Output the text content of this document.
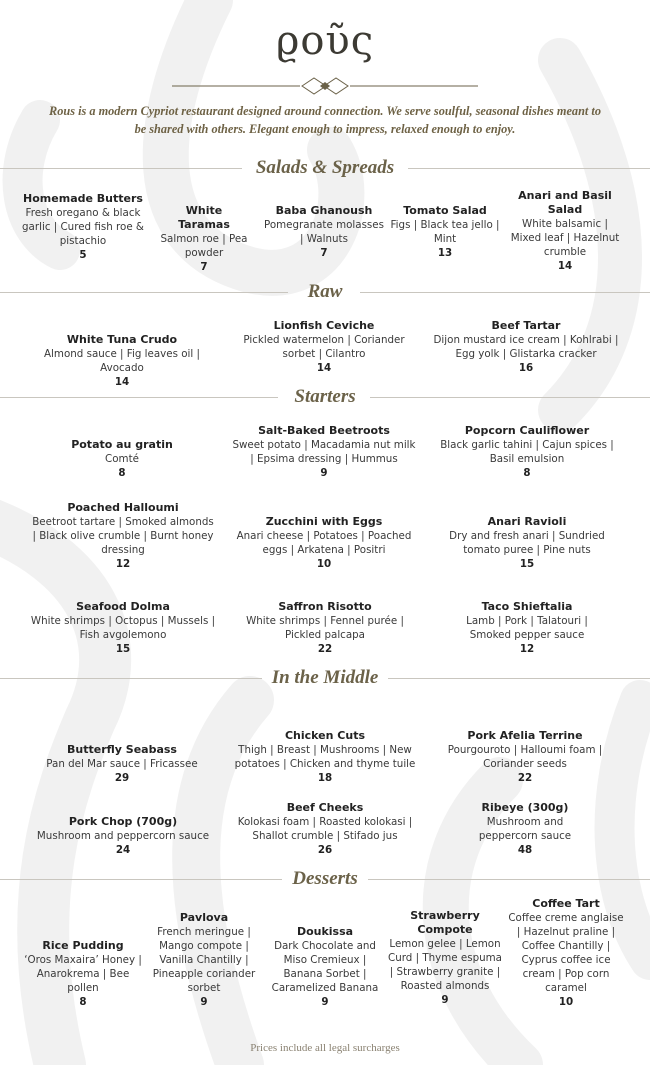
ϱοῦς
Rous is a modern Cypriot restaurant designed around connection. We serve soulful, seasonal dishes meant to be shared with others. Elegant enough to impress, relaxed enough to enjoy.
Salads & Spreads
Homemade Butters
Fresh oregano & black garlic | Cured fish roe & pistachio
5
White Taramas
Salmon roe | Pea powder
7
Baba Ghanoush
Pomegranate molasses | Walnuts
7
Tomato Salad
Figs | Black tea jello | Mint
13
Anari and Basil Salad
White balsamic | Mixed leaf | Hazelnut crumble
14
Raw
White Tuna Crudo
Almond sauce | Fig leaves oil | Avocado
14
Lionfish Ceviche
Pickled watermelon | Coriander sorbet | Cilantro
14
Beef Tartar
Dijon mustard ice cream | Kohlrabi | Egg yolk | Glistarka cracker
16
Starters
Potato au gratin
Comté
8
Salt-Baked Beetroots
Sweet potato | Macadamia nut milk | Epsima dressing | Hummus
9
Popcorn Cauliflower
Black garlic tahini | Cajun spices | Basil emulsion
8
Poached Halloumi
Beetroot tartare | Smoked almonds | Black olive crumble | Burnt honey dressing
12
Zucchini with Eggs
Anari cheese | Potatoes | Poached eggs | Arkatena | Positri
10
Anari Ravioli
Dry and fresh anari | Sundried tomato puree | Pine nuts
15
Seafood Dolma
White shrimps | Octopus | Mussels | Fish avgolemono
15
Saffron Risotto
White shrimps | Fennel purée | Pickled palcapa
22
Taco Shieftalia
Lamb | Pork | Talatouri | Smoked pepper sauce
12
In the Middle
Butterfly Seabass
Pan del Mar sauce | Fricassee
29
Chicken Cuts
Thigh | Breast | Mushrooms | New potatoes | Chicken and thyme tuile
18
Pork Afelia Terrine
Pourgouroto | Halloumi foam | Coriander seeds
22
Pork Chop (700g)
Mushroom and peppercorn sauce
24
Beef Cheeks
Kolokasi foam | Roasted kolokasi | Shallot crumble | Stifado jus
26
Ribeye (300g)
Mushroom and peppercorn sauce
48
Desserts
Rice Pudding
‘Oros Maxaira’ Honey | Anarokrema | Bee pollen
8
Pavlova
French meringue | Mango compote | Vanilla Chantilly | Pineapple coriander sorbet
9
Doukissa
Dark Chocolate and Miso Cremieux | Banana Sorbet | Caramelized Banana
9
Strawberry Compote
Lemon gelee | Lemon Curd | Thyme espuma | Strawberry granite | Roasted almonds
9
Coffee Tart
Coffee creme anglaise | Hazelnut praline | Coffee Chantilly | Cyprus coffee ice cream | Pop corn caramel
10
Prices include all legal surcharges
